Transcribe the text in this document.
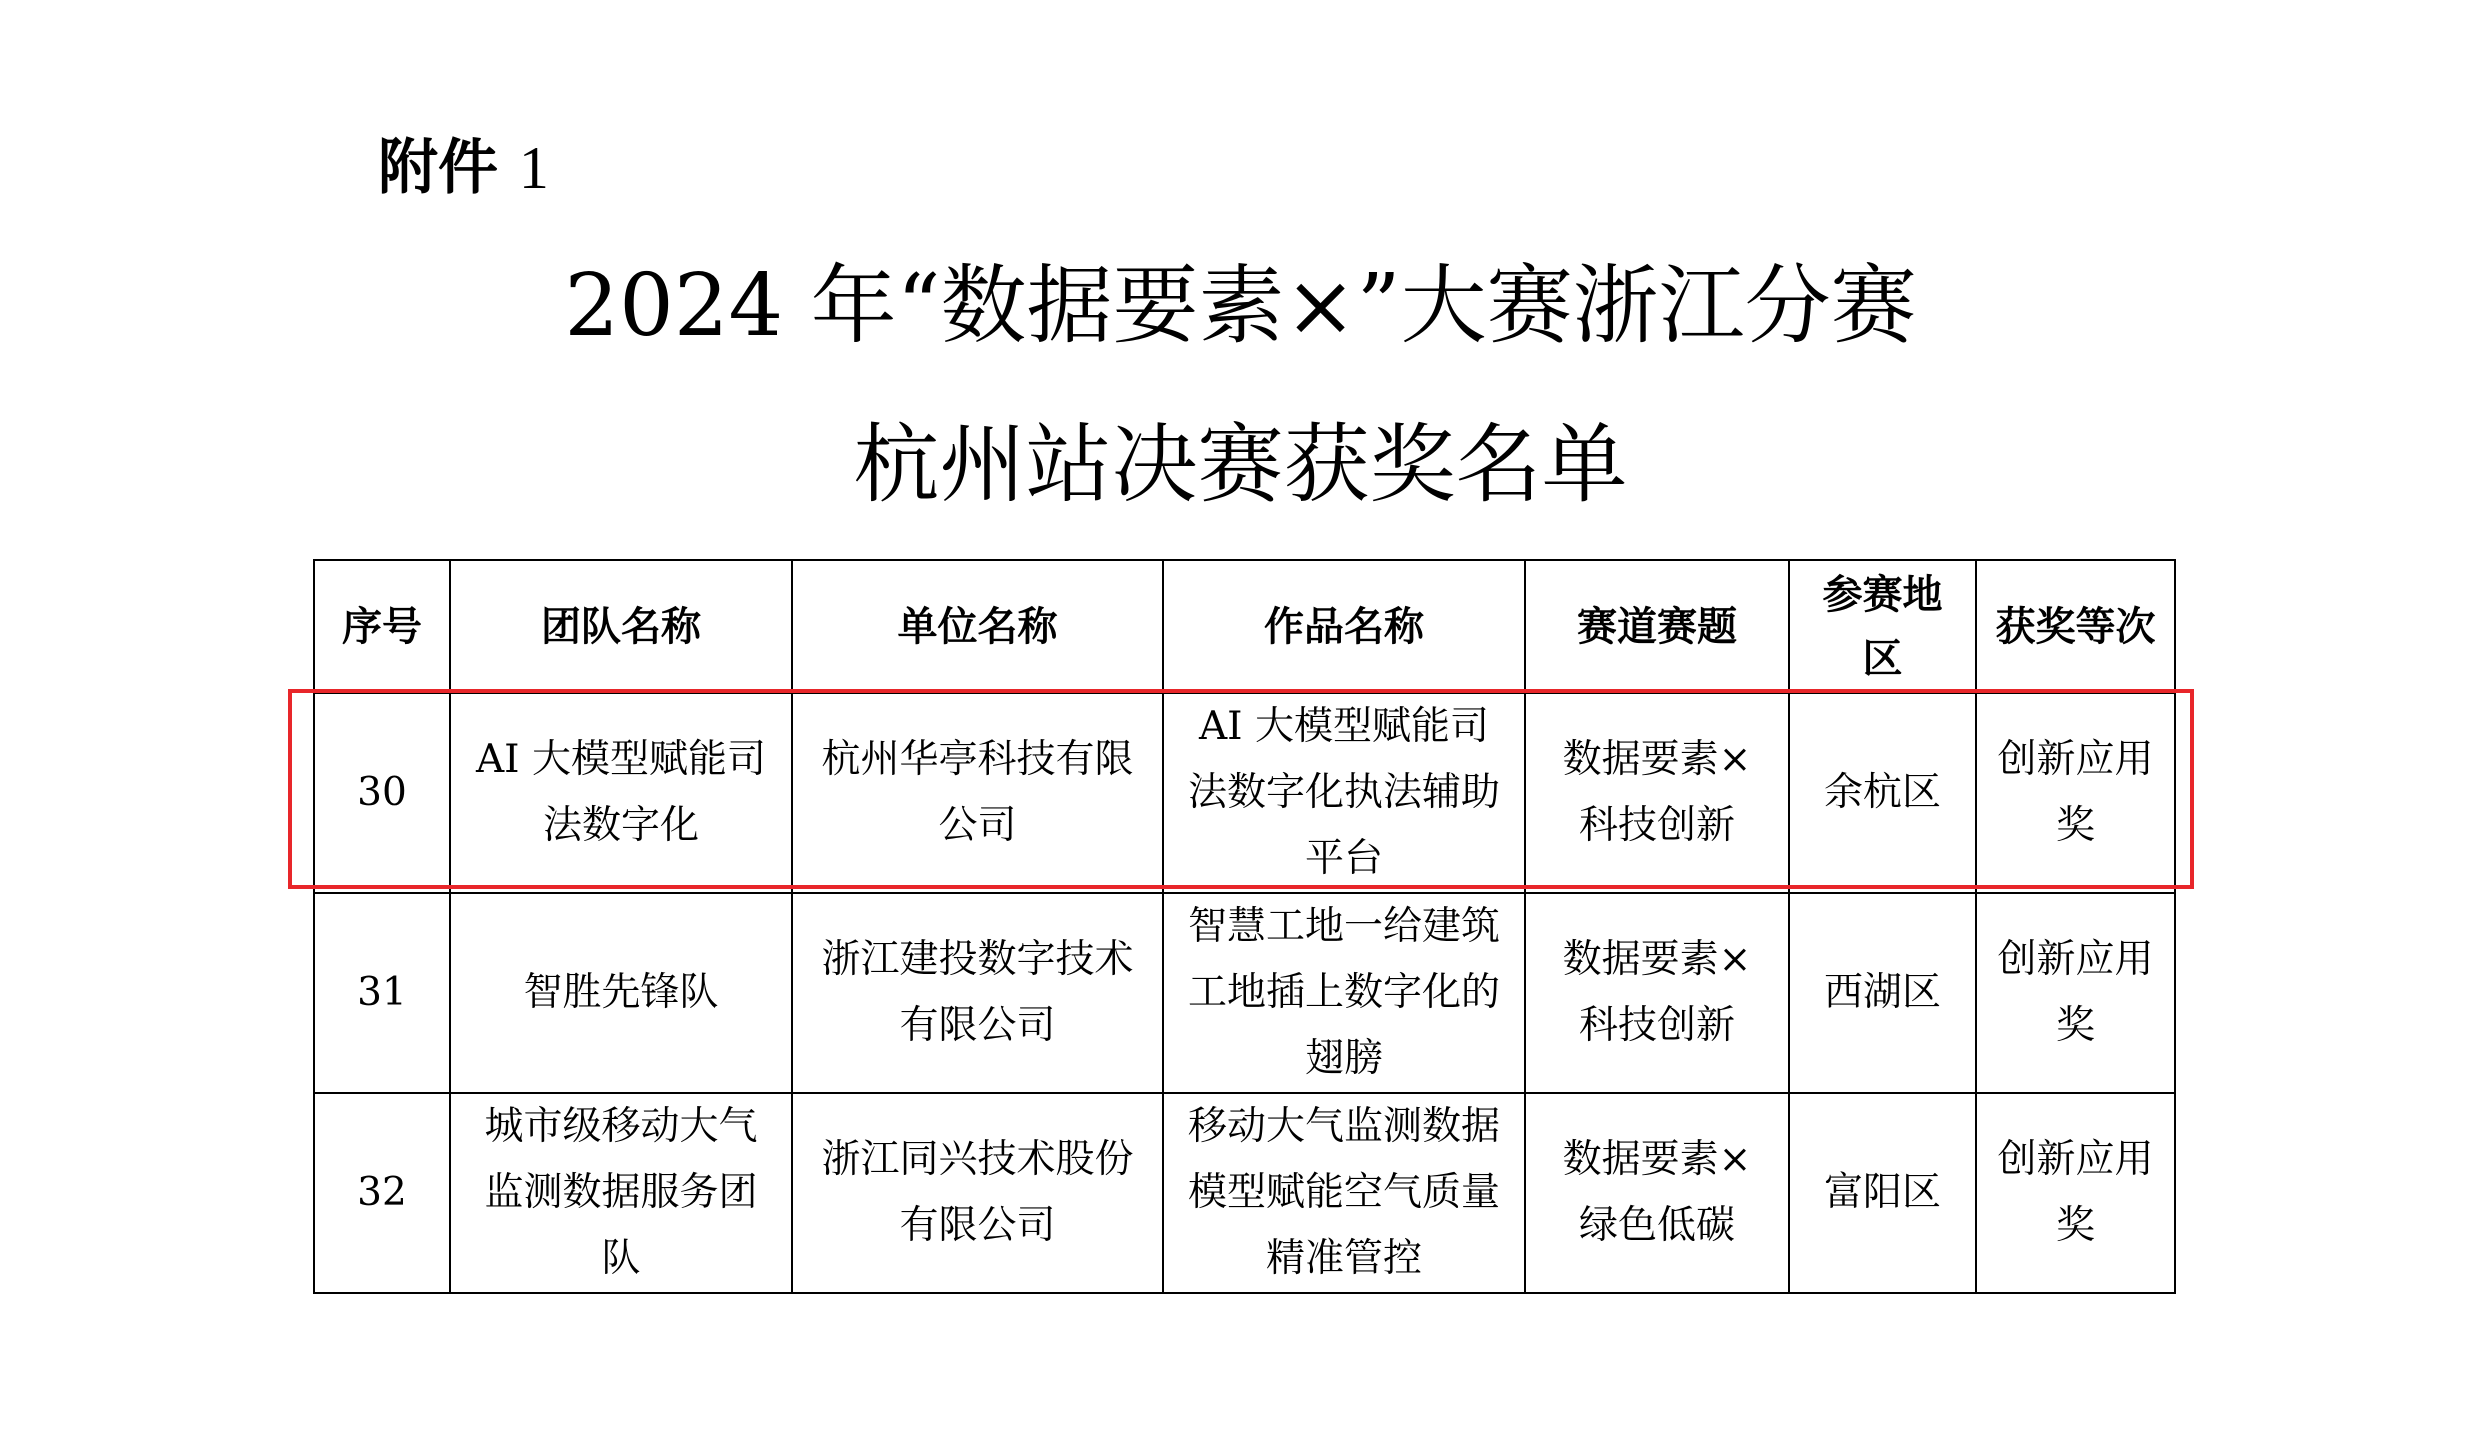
附件 1
2024 年“数据要素×”大赛浙江分赛
杭州站决赛获奖名单
序号	团队名称	单位名称	作品名称	赛道赛题	参赛地区	获奖等次
30	AI 大模型赋能司法数字化	杭州华亭科技有限公司	AI 大模型赋能司法数字化执法辅助平台	数据要素×科技创新	余杭区	创新应用奖
31	智胜先锋队	浙江建投数字技术有限公司	智慧工地一给建筑工地插上数字化的翅膀	数据要素×科技创新	西湖区	创新应用奖
32	城市级移动大气监测数据服务团队	浙江同兴技术股份有限公司	移动大气监测数据模型赋能空气质量精准管控	数据要素×绿色低碳	富阳区	创新应用奖
